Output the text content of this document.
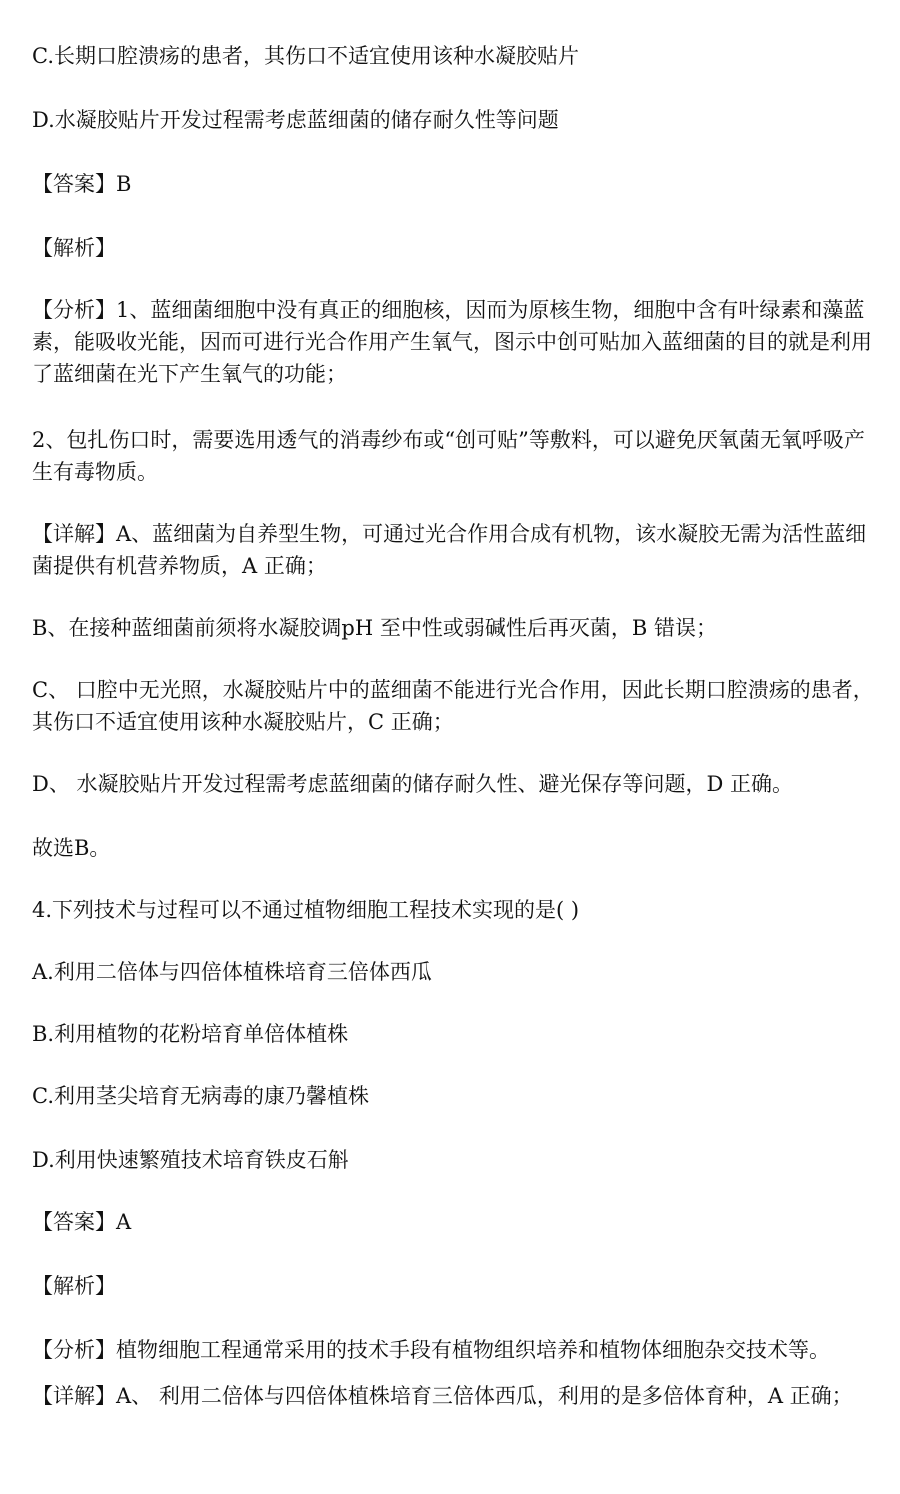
C.长期口腔溃疡的患者，其伤口不适宜使用该种水凝胶贴片

D.水凝胶贴片开发过程需考虑蓝细菌的储存耐久性等问题

【答案】B

【解析】

【分析】1、蓝细菌细胞中没有真正的细胞核，因而为原核生物，细胞中含有叶绿素和藻蓝素，能吸收光能，因而可进行光合作用产生氧气，图示中创可贴加入蓝细菌的目的就是利用了蓝细菌在光下产生氧气的功能；

2、包扎伤口时，需要选用透气的消毒纱布或“创可贴”等敷料，可以避免厌氧菌无氧呼吸产生有毒物质。

【详解】A、蓝细菌为自养型生物，可通过光合作用合成有机物，该水凝胶无需为活性蓝细菌提供有机营养物质，A 正确；

B、在接种蓝细菌前须将水凝胶调pH 至中性或弱碱性后再灭菌，B 错误；

C、 口腔中无光照，水凝胶贴片中的蓝细菌不能进行光合作用，因此长期口腔溃疡的患者，其伤口不适宜使用该种水凝胶贴片，C 正确；

D、 水凝胶贴片开发过程需考虑蓝细菌的储存耐久性、避光保存等问题，D 正确。

故选B。

4.下列技术与过程可以不通过植物细胞工程技术实现的是( )

A.利用二倍体与四倍体植株培育三倍体西瓜

B.利用植物的花粉培育单倍体植株

C.利用茎尖培育无病毒的康乃馨植株

D.利用快速繁殖技术培育铁皮石斛

【答案】A

【解析】

【分析】植物细胞工程通常采用的技术手段有植物组织培养和植物体细胞杂交技术等。

【详解】A、 利用二倍体与四倍体植株培育三倍体西瓜，利用的是多倍体育种，A 正确；
